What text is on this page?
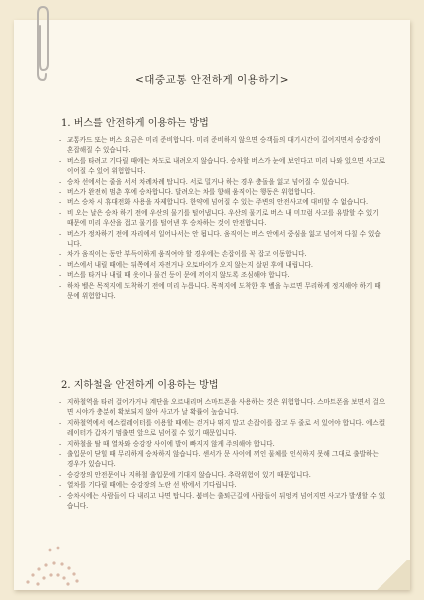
<대중교통 안전하게 이용하기>
1. 버스를 안전하게 이용하는 방법
- 교통카드 또는 버스 요금은 미리 준비합니다. 미리 준비하지 않으면 승객들의 대기시간이 길어지면서 승강장이 혼잡해질 수 있습니다.
- 버스를 타려고 기다릴 때에는 차도로 내려오지 않습니다. 승차할 버스가 눈에 보인다고 미리 나와 있으면 사고로 이어질 수 있어 위험합니다.
- 승차 선에서는 줄을 서서 차례차례 탑니다. 서로 밀거나 하는 경우 충돌을 잃고 넘어질 수 있습니다.
- 버스가 완전히 멈춘 후에 승차합니다. 달려오는 차를 향해 움직이는 행동은 위험합니다.
- 버스 승차 시 휴대전화 사용을 자제합니다. 한약에 넘어질 수 있는 주변의 안전사고에 대비할 수 없습니다.
- 비 오는 날은 승차 하기 전에 우산의 물기를 털어냅니다. 우산의 물기로 버스 내 미끄럼 사고를 유발할 수 있기 때문에 미리 우산을 접고 물기를 털어낸 후 승차하는 것이 안전합니다.
- 버스가 정차하기 전에 자리에서 일어나서는 안 됩니다. 움직이는 버스 안에서 중심을 잃고 넘어져 다칠 수 있습니다.
- 차가 움직이는 동안 부득이하게 움직여야 할 경우에는 손잡이를 꼭 잡고 이동합니다.
- 버스에서 내릴 때에는 뒤쪽에서 자전거나 오토바이가 오지 않는지 살핀 후에 내립니다.
- 버스를 타거나 내릴 때 옷이나 물건 등이 문에 끼이지 않도록 조심해야 합니다.
- 하차 벨은 목적지에 도착하기 전에 미리 누릅니다. 목적지에 도착한 후 벨을 누르면 무리하게 정지해야 하기 때문에 위험합니다.
2. 지하철을 안전하게 이용하는 방법
- 지하철역을 타러 걸어가거나 계단을 오르내리며 스마트폰을 사용하는 것은 위험합니다. 스마트폰을 보면서 걸으면 시야가 충분히 확보되지 않아 사고가 날 확률이 높습니다.
- 지하철역에서 에스컬레이터를 이용할 때에는 걷거나 뛰지 말고 손잡이를 잡고 두 줄로 서 있어야 합니다. 에스컬레이터가 갑자기 멈출면 앞으로 넘어질 수 있기 때문입니다.
- 지하철을 탈 때 열차와 승강장 사이에 발이 빠지지 않게 주의해야 합니다.
- 출입문이 닫힐 때 무리하게 승차하지 않습니다. 센서가 문 사이에 끼인 물체를 인식하지 못해 그대로 출발하는 경우가 있습니다.
- 승강장의 안전문이나 지하철 출입문에 기대지 않습니다. 추락위험이 있기 때문입니다.
- 열차를 기다릴 때에는 승강장의 노란 선 밖에서 기다립니다.
- 승차시에는 사람들이 다 내리고 나면 탑니다. 붐비는 출퇴근길에 사람들이 뒤엉켜 넘어지면 사고가 발생할 수 있습니다.
